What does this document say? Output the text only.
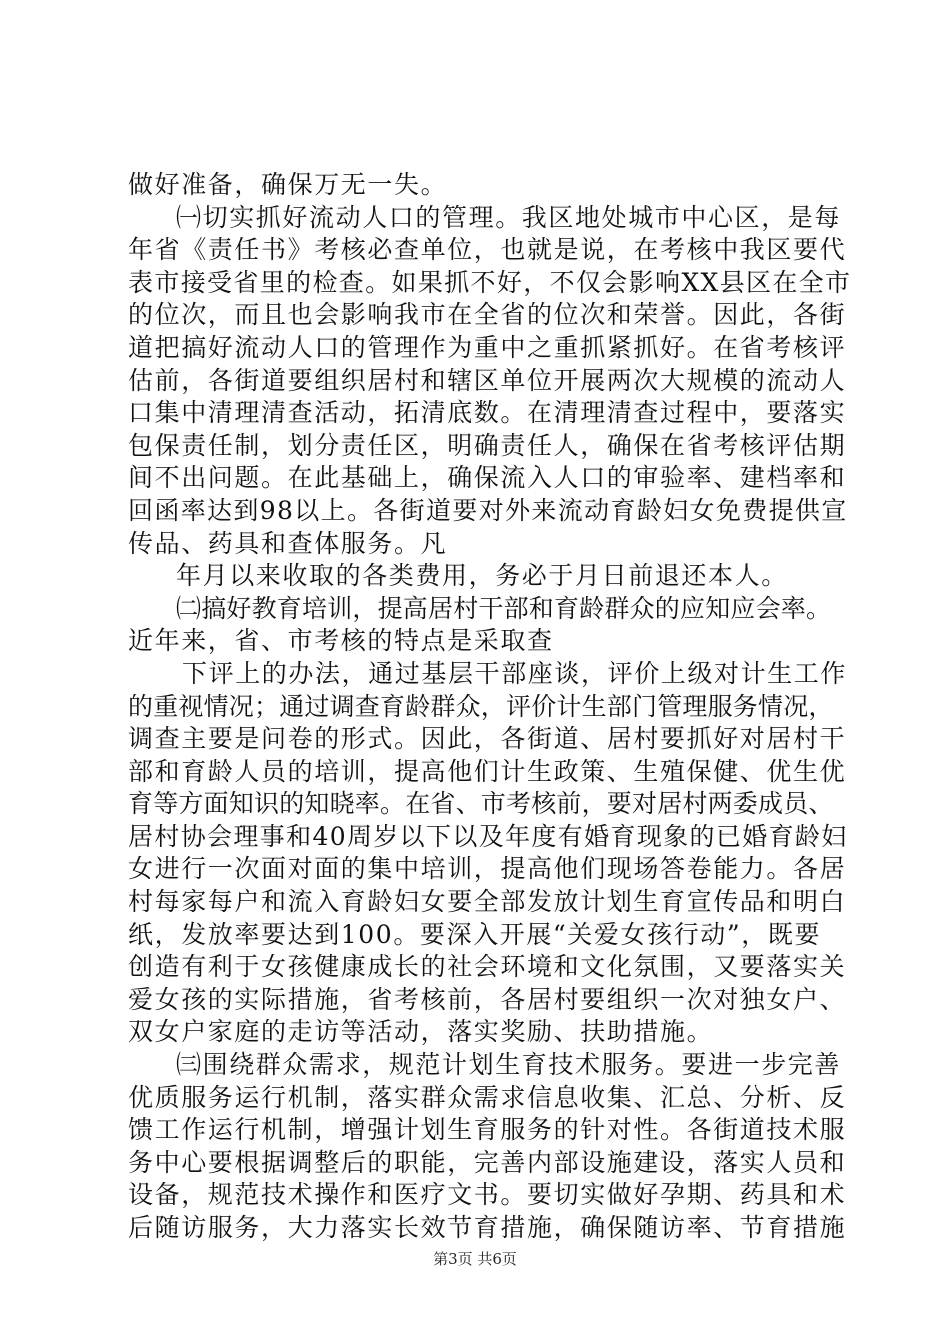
做好准备，确保万无一失。
㈠切实抓好流动人口的管理。我区地处城市中心区，是每
年省《责任书》考核必查单位，也就是说，在考核中我区要代
表市接受省里的检查。如果抓不好，不仅会影响XX县区在全市
的位次，而且也会影响我市在全省的位次和荣誉。因此，各街
道把搞好流动人口的管理作为重中之重抓紧抓好。在省考核评
估前，各街道要组织居村和辖区单位开展两次大规模的流动人
口集中清理清查活动，拓清底数。在清理清查过程中，要落实
包保责任制，划分责任区，明确责任人，确保在省考核评估期
间不出问题。在此基础上，确保流入人口的审验率、建档率和
回函率达到98以上。各街道要对外来流动育龄妇女免费提供宣
传品、药具和查体服务。凡
年月以来收取的各类费用，务必于月日前退还本人。
㈡搞好教育培训，提高居村干部和育龄群众的应知应会率。
近年来，省、市考核的特点是采取查
下评上的办法，通过基层干部座谈，评价上级对计生工作
的重视情况；通过调查育龄群众，评价计生部门管理服务情况，
调查主要是问卷的形式。因此，各街道、居村要抓好对居村干
部和育龄人员的培训，提高他们计生政策、生殖保健、优生优
育等方面知识的知晓率。在省、市考核前，要对居村两委成员、
居村协会理事和40周岁以下以及年度有婚育现象的已婚育龄妇
女进行一次面对面的集中培训，提高他们现场答卷能力。各居
村每家每户和流入育龄妇女要全部发放计划生育宣传品和明白
纸，发放率要达到100。要深入开展“关爱女孩行动”，既要
创造有利于女孩健康成长的社会环境和文化氛围，又要落实关
爱女孩的实际措施，省考核前，各居村要组织一次对独女户、
双女户家庭的走访等活动，落实奖励、扶助措施。
㈢围绕群众需求，规范计划生育技术服务。要进一步完善
优质服务运行机制，落实群众需求信息收集、汇总、分析、反
馈工作运行机制，增强计划生育服务的针对性。各街道技术服
务中心要根据调整后的职能，完善内部设施建设，落实人员和
设备，规范技术操作和医疗文书。要切实做好孕期、药具和术
后随访服务，大力落实长效节育措施，确保随访率、节育措施
第3页 共6页
